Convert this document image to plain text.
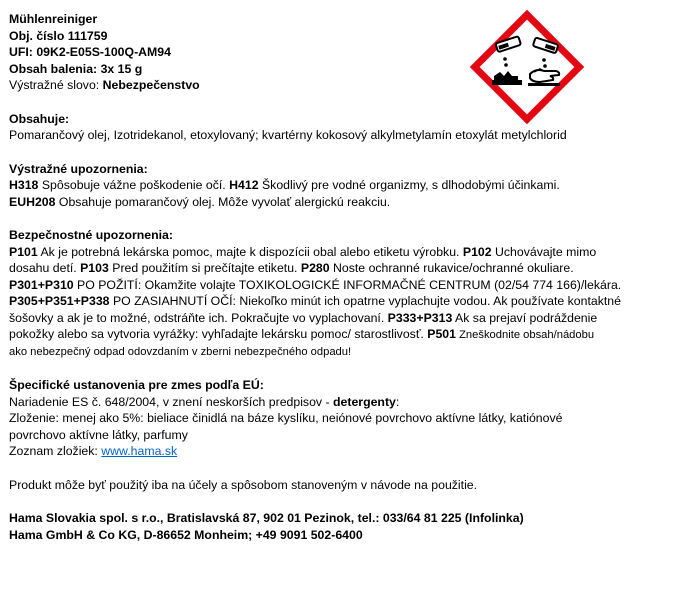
Mühlenreiniger
Obj. číslo 111759
UFI: 09K2-E05S-100Q-AM94
Obsah balenia: 3x 15 g
Výstražné slovo: Nebezpečenstvo
Obsahuje:
Pomarančový olej, Izotridekanol, etoxylovaný; kvartérny kokosový alkylmetylamín etoxylát metylchlorid
Výstražné upozornenia:
H318 Spôsobuje vážne poškodenie očí. H412 Škodlivý pre vodné organizmy, s dlhodobými účinkami.
EUH208 Obsahuje pomarančový olej. Môže vyvolať alergickú reakciu.
Bezpečnostné upozornenia:
P101 Ak je potrebná lekárska pomoc, majte k dispozícii obal alebo etiketu výrobku. P102 Uchovávajte mimo
dosahu detí. P103 Pred použitím si prečítajte etiketu. P280 Noste ochranné rukavice/ochranné okuliare.
P301+P310 PO POŽITÍ: Okamžite volajte TOXIKOLOGICKÉ INFORMAČNÉ CENTRUM (02/54 774 166)/lekára.
P305+P351+P338 PO ZASIAHNUTÍ OČÍ: Niekoľko minút ich opatrne vyplachujte vodou. Ak používate kontaktné
šošovky a ak je to možné, odstráňte ich. Pokračujte vo vyplachovaní. P333+P313 Ak sa prejaví podráždenie
pokožky alebo sa vytvoria vyrážky: vyhľadajte lekársku pomoc/ starostlivosť. P501 Zneškodnite obsah/nádobu
ako nebezpečný odpad odovzdaním v zberni nebezpečného odpadu!
Špecifické ustanovenia pre zmes podľa EÚ:
Nariadenie ES č. 648/2004, v znení neskorších predpisov - detergenty:
Zloženie: menej ako 5%: bieliace činidlá na báze kyslíku, neiónové povrchovo aktívne látky, katiónové
povrchovo aktívne látky, parfumy
Zoznam zložiek: www.hama.sk
Produkt môže byť použitý iba na účely a spôsobom stanoveným v návode na použitie.
Hama Slovakia spol. s r.o., Bratislavská 87, 902 01 Pezinok, tel.: 033/64 81 225 (Infolinka)
Hama GmbH & Co KG, D-86652 Monheim; +49 9091 502-6400
